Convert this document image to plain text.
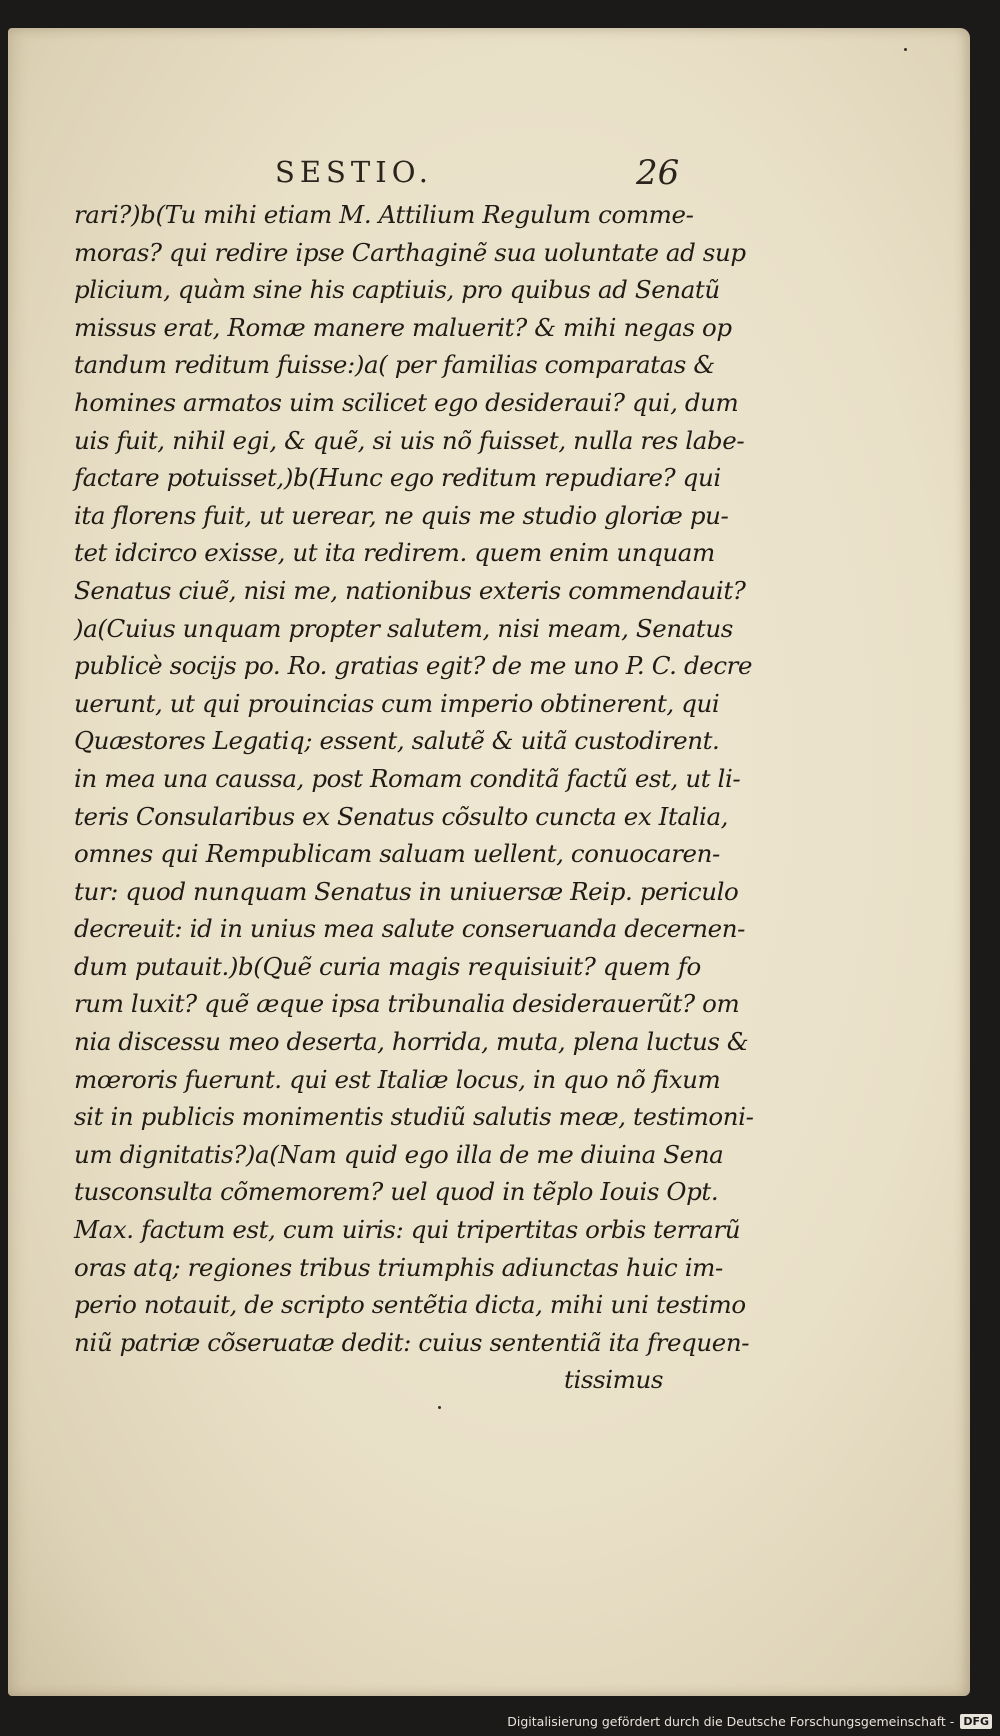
SESTIO.	26
rari?)b(Tu mihi etiam M. Attilium Regulum comme-
moras? qui redire ipse Carthaginẽ sua uoluntate ad sup
plicium, quàm sine his captiuis, pro quibus ad Senatũ
missus erat, Romæ manere maluerit? & mihi negas op
tandum reditum fuisse:)a( per familias comparatas &
homines armatos uim scilicet ego desideraui? qui, dum
uis fuit, nihil egi, & quẽ, si uis nõ fuisset, nulla res labe-
factare potuisset,)b(Hunc ego reditum repudiare? qui
ita florens fuit, ut uerear, ne quis me studio gloriæ pu-
tet idcirco exisse, ut ita redirem. quem enim unquam
Senatus ciuẽ, nisi me, nationibus exteris commendauit?
)a(Cuius unquam propter salutem, nisi meam, Senatus
publicè socijs po. Ro. gratias egit? de me uno P. C. decre
uerunt, ut qui prouincias cum imperio obtinerent, qui
Quæstores Legatiq; essent, salutẽ & uitã custodirent.
in mea una caussa, post Romam conditã factũ est, ut li-
teris Consularibus ex Senatus cõsulto cuncta ex Italia,
omnes qui Rempublicam saluam uellent, conuocaren-
tur: quod nunquam Senatus in uniuersæ Reip. periculo
decreuit: id in unius mea salute conseruanda decernen-
dum putauit.)b(Quẽ curia magis requisiuit? quem fo
rum luxit? quẽ æque ipsa tribunalia desiderauerũt? om
nia discessu meo deserta, horrida, muta, plena luctus &
mœroris fuerunt. qui est Italiæ locus, in quo nõ fixum
sit in publicis monimentis studiũ salutis meæ, testimoni-
um dignitatis?)a(Nam quid ego illa de me diuina Sena
tusconsulta cõmemorem? uel quod in tẽplo Iouis Opt.
Max. factum est, cum uiris: qui tripertitas orbis terrarũ
oras atq; regiones tribus triumphis adiunctas huic im-
perio notauit, de scripto sentẽtia dicta, mihi uni testimo
niũ patriæ cõseruatæ dedit: cuius sententiã ita frequen-
tissimus
Digitalisierung gefördert durch die Deutsche Forschungsgemeinschaft - DFG
